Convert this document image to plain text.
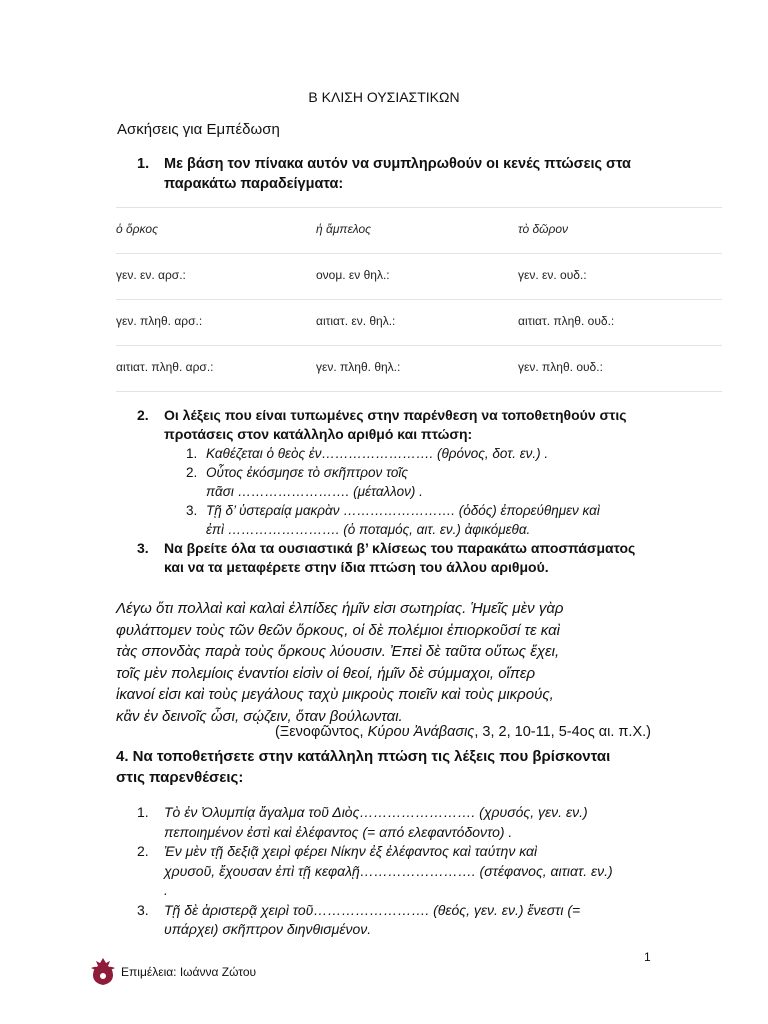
Β ΚΛΙΣΗ ΟΥΣΙΑΣΤΙΚΩΝ
Ασκήσεις για Εμπέδωση
1.	Με βάση τον πίνακα αυτόν να συμπληρωθούν οι κενές πτώσεις στα παρακάτω παραδείγματα:
ὁ ὅρκος	ἡ ἄμπελος	τὸ δῶρον
γεν. εν. αρσ.:	ονομ. εν θηλ.:	γεν. εν. ουδ.:
γεν. πληθ. αρσ.:	αιτιατ. εν. θηλ.:	αιτιατ. πληθ. ουδ.:
αιτιατ. πληθ. αρσ.:	γεν. πληθ. θηλ.:	γεν. πληθ. ουδ.:
2. Οι λέξεις που είναι τυπωμένες στην παρένθεση να τοποθετηθούν στις προτάσεις στον κατάλληλο αριθμό και πτώση:
1. Καθέζεται ὁ θεὸς ἐν……………………. (θρόνος, δοτ. εν.) .
2. Οὗτος ἐκόσμησε τὸ σκῆπτρον τοῖς
πᾶσι ……………………. (μέταλλον) .
3. Τῇ δ’ ὑστεραίᾳ μακρὰν ……………………. (ὁδός) ἐπορεύθημεν καὶ
ἐπὶ ……………………. (ὁ ποταμός, αιτ. εν.) ἀφικόμεθα.
3. Να βρείτε όλα τα ουσιαστικά β’ κλίσεως του παρακάτω αποσπάσματος και να τα μεταφέρετε στην ίδια πτώση του άλλου αριθμού.
Λέγω ὅτι πολλαὶ καὶ καλαὶ ἐλπίδες ἡμῖν εἰσι σωτηρίας. Ἡμεῖς μὲν γὰρ
φυλάττομεν τοὺς τῶν θεῶν ὅρκους, οἱ δὲ πολέμιοι ἐπιορκοῦσί τε καὶ
τὰς σπονδὰς παρὰ τοὺς ὅρκους λύουσιν. Ἐπεὶ δὲ ταῦτα οὕτως ἔχει,
τοῖς μὲν πολεμίοις ἐναντίοι εἰσὶν οἱ θεοί, ἡμῖν δὲ σύμμαχοι, οἵπερ
ἱκανοί εἰσι καὶ τοὺς μεγάλους ταχὺ μικροὺς ποιεῖν καὶ τοὺς μικρούς,
κἂν ἐν δεινοῖς ὦσι, σῴζειν, ὅταν βούλωνται.
(Ξενοφῶντος, Κύρου Ἀνάβασις, 3, 2, 10-11, 5-4ος αι. π.Χ.)
4. Να τοποθετήσετε στην κατάλληλη πτώση τις λέξεις που βρίσκονται στις παρενθέσεις:
1. Τὸ ἐν Ὀλυμπίᾳ ἄγαλμα τοῦ Διὸς……………………. (χρυσός, γεν. εν.)
πεποιημένον ἐστὶ καὶ ἐλέφαντος (= από ελεφαντόδοντο) .
2. Ἐν μὲν τῇ δεξιᾷ χειρὶ φέρει Νίκην ἐξ ἐλέφαντος καὶ ταύτην καὶ
χρυσοῦ, ἔχουσαν ἐπὶ τῇ κεφαλῇ……………………. (στέφανος, αιτιατ. εν.) .
3. Τῇ δὲ ἀριστερᾷ χειρὶ τοῦ……………………. (θεός, γεν. εν.) ἔνεστι (=
υπάρχει) σκῆπτρον διηνθισμένον.
1
Επιμέλεια: Ιωάννα Ζώτου
